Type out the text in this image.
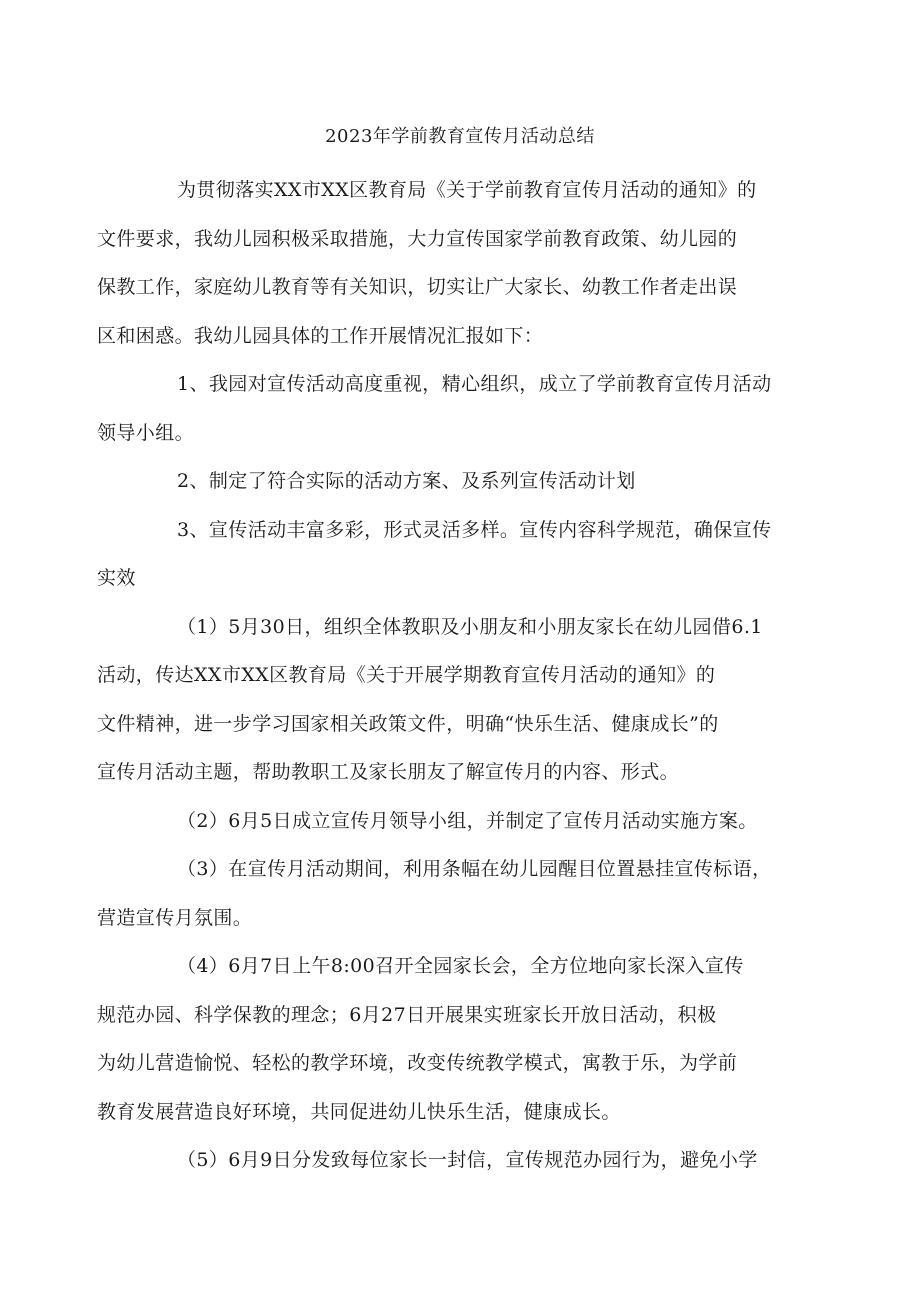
2023年学前教育宣传月活动总结

为贯彻落实XX市XX区教育局《关于学前教育宣传月活动的通知》的
文件要求，我幼儿园积极采取措施，大力宣传国家学前教育政策、幼儿园的
保教工作，家庭幼儿教育等有关知识，切实让广大家长、幼教工作者走出误
区和困惑。我幼儿园具体的工作开展情况汇报如下：

1、我园对宣传活动高度重视，精心组织，成立了学前教育宣传月活动
领导小组。

2、制定了符合实际的活动方案、及系列宣传活动计划

3、宣传活动丰富多彩，形式灵活多样。宣传内容科学规范，确保宣传
实效

（1）5月30日，组织全体教职及小朋友和小朋友家长在幼儿园借6.1
活动，传达XX市XX区教育局《关于开展学期教育宣传月活动的通知》的
文件精神，进一步学习国家相关政策文件，明确“快乐生活、健康成长”的
宣传月活动主题，帮助教职工及家长朋友了解宣传月的内容、形式。

（2）6月5日成立宣传月领导小组，并制定了宣传月活动实施方案。

（3）在宣传月活动期间，利用条幅在幼儿园醒目位置悬挂宣传标语，
营造宣传月氛围。

（4）6月7日上午8:00召开全园家长会，全方位地向家长深入宣传
规范办园、科学保教的理念；6月27日开展果实班家长开放日活动，积极
为幼儿营造愉悦、轻松的教学环境，改变传统教学模式，寓教于乐，为学前
教育发展营造良好环境，共同促进幼儿快乐生活，健康成长。

（5）6月9日分发致每位家长一封信，宣传规范办园行为，避免小学
